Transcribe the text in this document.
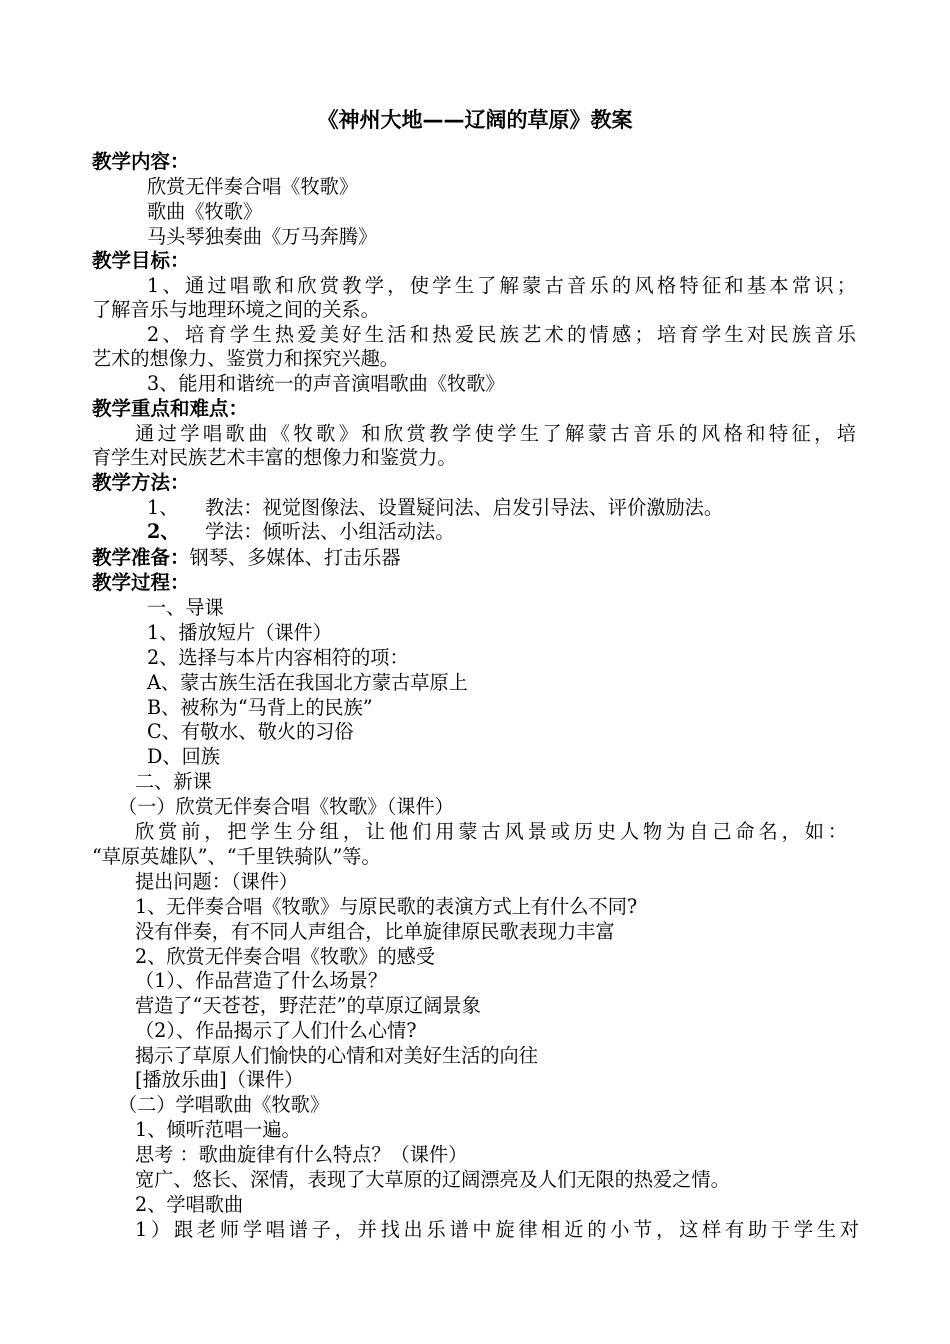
《神州大地——辽阔的草原》教案
教学内容：
欣赏无伴奏合唱《牧歌》
歌曲《牧歌》
马头琴独奏曲《万马奔腾》
教学目标：
1、通过唱歌和欣赏教学，使学生了解蒙古音乐的风格特征和基本常识；
了解音乐与地理环境之间的关系。
2、培育学生热爱美好生活和热爱民族艺术的情感；培育学生对民族音乐
艺术的想像力、鉴赏力和探究兴趣。
3、能用和谐统一的声音演唱歌曲《牧歌》
教学重点和难点：
通过学唱歌曲《牧歌》和欣赏教学使学生了解蒙古音乐的风格和特征，培
育学生对民族艺术丰富的想像力和鉴赏力。
教学方法：
1、 教法：视觉图像法、设置疑问法、启发引导法、评价激励法。
2、 学法：倾听法、小组活动法。
教学准备：钢琴、多媒体、打击乐器
教学过程：
一、导课
1、播放短片（课件）
2、选择与本片内容相符的项：
A、蒙古族生活在我国北方蒙古草原上
B、被称为“马背上的民族”
C、有敬水、敬火的习俗
D、回族
二、新课
（一）欣赏无伴奏合唱《牧歌》（课件）
欣赏前，把学生分组，让他们用蒙古风景或历史人物为自己命名，如：
“草原英雄队”、“千里铁骑队”等。
提出问题：（课件）
1、无伴奏合唱《牧歌》与原民歌的表演方式上有什么不同?
没有伴奏，有不同人声组合，比单旋律原民歌表现力丰富
2、欣赏无伴奏合唱《牧歌》的感受
（1）、作品营造了什么场景？
营造了“天苍苍，野茫茫”的草原辽阔景象
（2）、作品揭示了人们什么心情?
揭示了草原人们愉快的心情和对美好生活的向往
[播放乐曲]（课件）
（二）学唱歌曲《牧歌》
1、倾听范唱一遍。
思考 ：歌曲旋律有什么特点？（课件）
宽广、悠长、深情，表现了大草原的辽阔漂亮及人们无限的热爱之情。
2、学唱歌曲
1）跟老师学唱谱子，并找出乐谱中旋律相近的小节，这样有助于学生对
